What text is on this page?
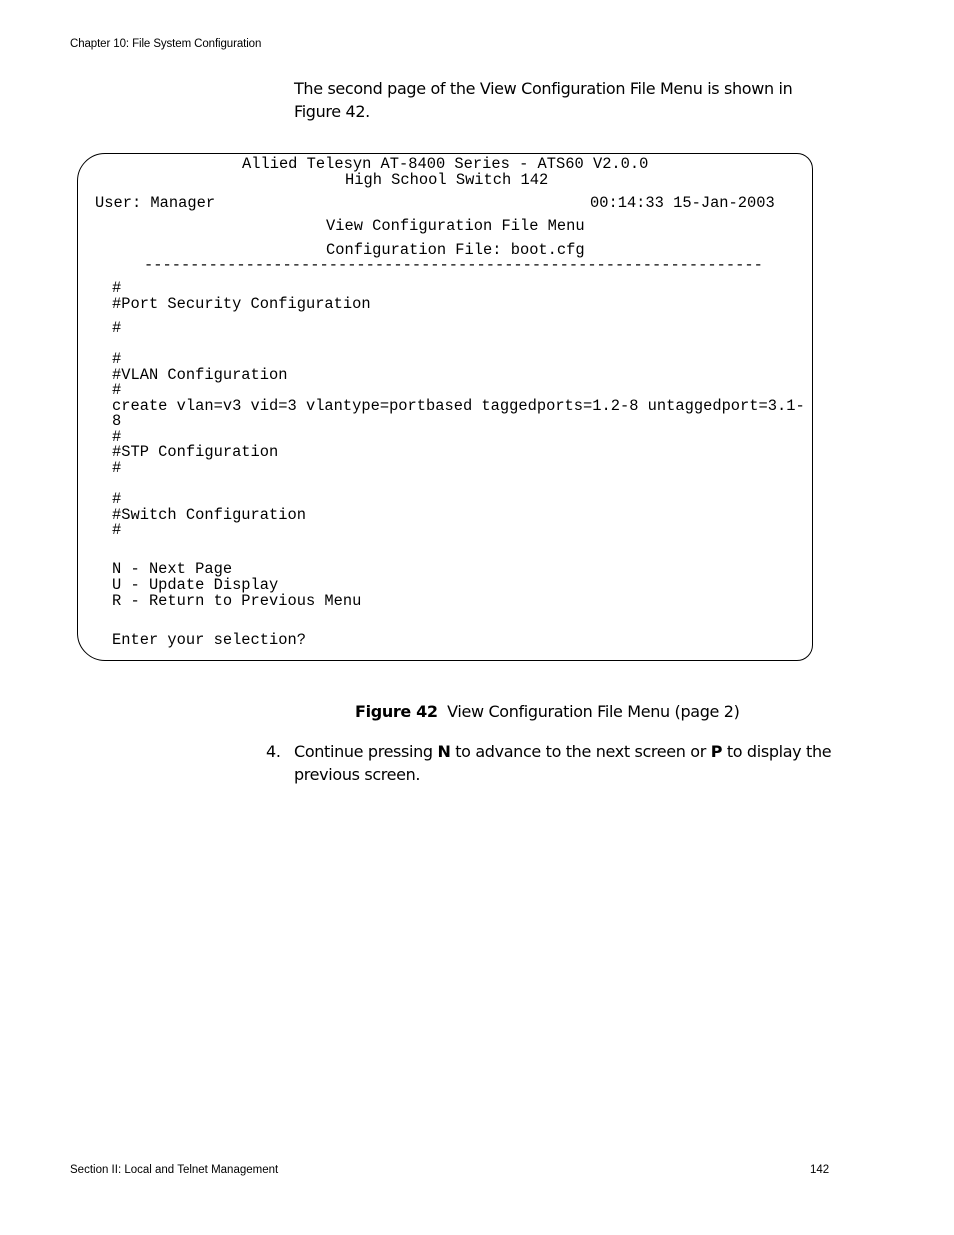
Chapter 10: File System Configuration
The second page of the View Configuration File Menu is shown in Figure 42.
Allied Telesyn AT-8400 Series - ATS60 V2.0.0
High School Switch 142
User: Manager	00:14:33 15-Jan-2003
View Configuration File Menu
Configuration File: boot.cfg
-------------------------------------------------------------------
#
#Port Security Configuration
#
#
#VLAN Configuration
#
create vlan=v3 vid=3 vlantype=portbased taggedports=1.2-8 untaggedport=3.1-
8
#
#STP Configuration
#
#
#Switch Configuration
#
N - Next Page
U - Update Display
R - Return to Previous Menu
Enter your selection?
Figure 42 View Configuration File Menu (page 2)
4. Continue pressing N to advance to the next screen or P to display the previous screen.
Section II: Local and Telnet Management	142
